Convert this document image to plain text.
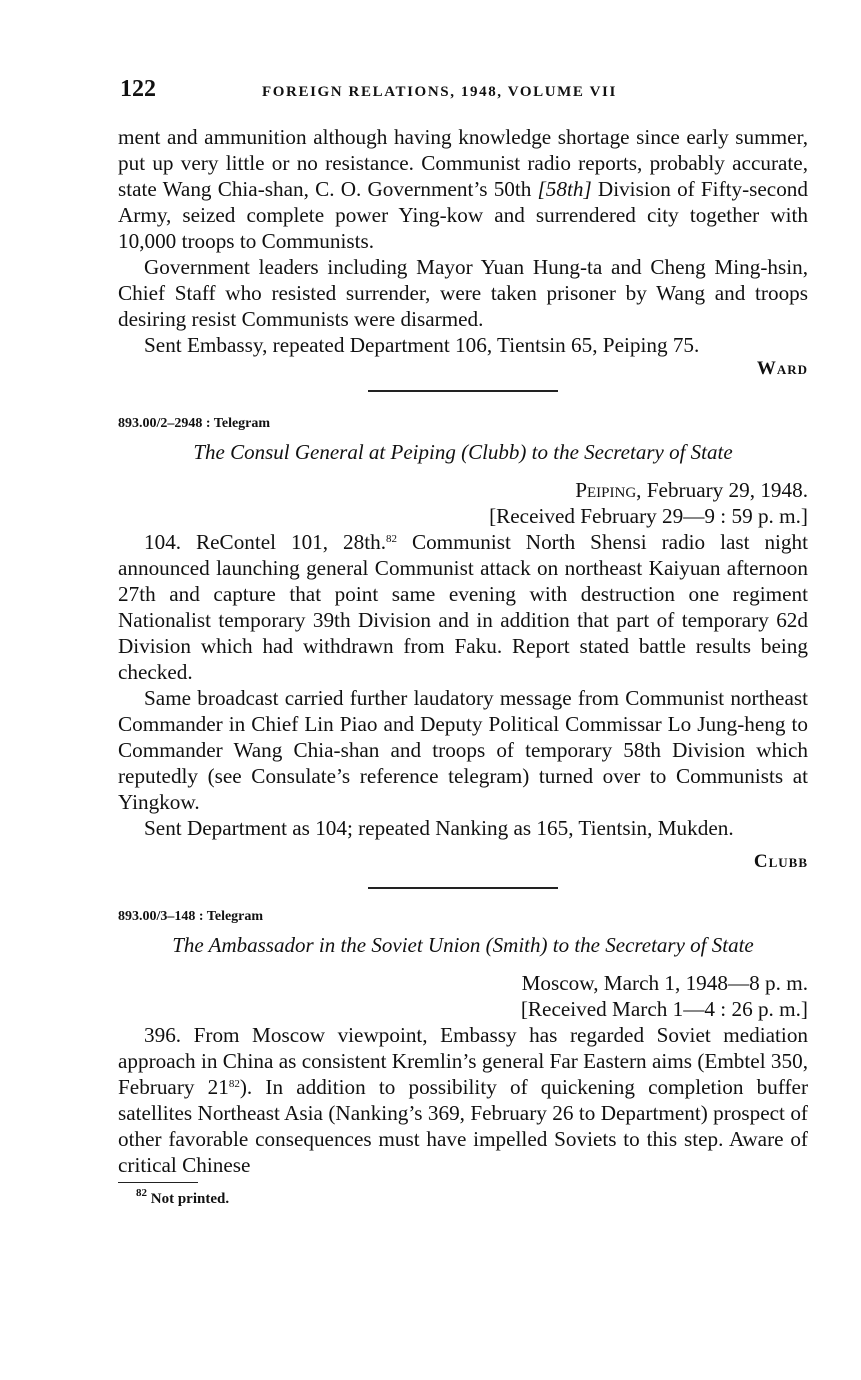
122	FOREIGN RELATIONS, 1948, VOLUME VII

ment and ammunition although having knowledge shortage since early summer, put up very little or no resistance. Communist radio reports, probably accurate, state Wang Chia-shan, C. O. Government’s 50th [58th] Division of Fifty-second Army, seized complete power Ying-kow and surrendered city together with 10,000 troops to Communists.

Government leaders including Mayor Yuan Hung-ta and Cheng Ming-hsin, Chief Staff who resisted surrender, were taken prisoner by Wang and troops desiring resist Communists were disarmed.

Sent Embassy, repeated Department 106, Tientsin 65, Peiping 75.

Ward
893.00/2–2948 : Telegram
The Consul General at Peiping (Clubb) to the Secretary of State
Peiping, February 29, 1948.
[Received February 29—9 : 59 p. m.]

104. ReContel 101, 28th.$^{82}$ Communist North Shensi radio last night announced launching general Communist attack on northeast Kaiyuan afternoon 27th and capture that point same evening with destruction one regiment Nationalist temporary 39th Division and in addition that part of temporary 62d Division which had withdrawn from Faku. Report stated battle results being checked.

Same broadcast carried further laudatory message from Communist northeast Commander in Chief Lin Piao and Deputy Political Commissar Lo Jung-heng to Commander Wang Chia-shan and troops of temporary 58th Division which reputedly (see Consulate’s reference telegram) turned over to Communists at Yingkow.

Sent Department as 104; repeated Nanking as 165, Tientsin, Mukden.

Clubb
893.00/3–148 : Telegram
The Ambassador in the Soviet Union (Smith) to the Secretary of State
Moscow, March 1, 1948—8 p. m.
[Received March 1—4 : 26 p. m.]

396. From Moscow viewpoint, Embassy has regarded Soviet mediation approach in China as consistent Kremlin’s general Far Eastern aims (Embtel 350, February $21^{82}$). In addition to possibility of quickening completion buffer satellites Northeast Asia (Nanking’s 369, February 26 to Department) prospect of other favorable consequences must have impelled Soviets to this step. Aware of critical Chinese

$^{82}$ Not printed.
